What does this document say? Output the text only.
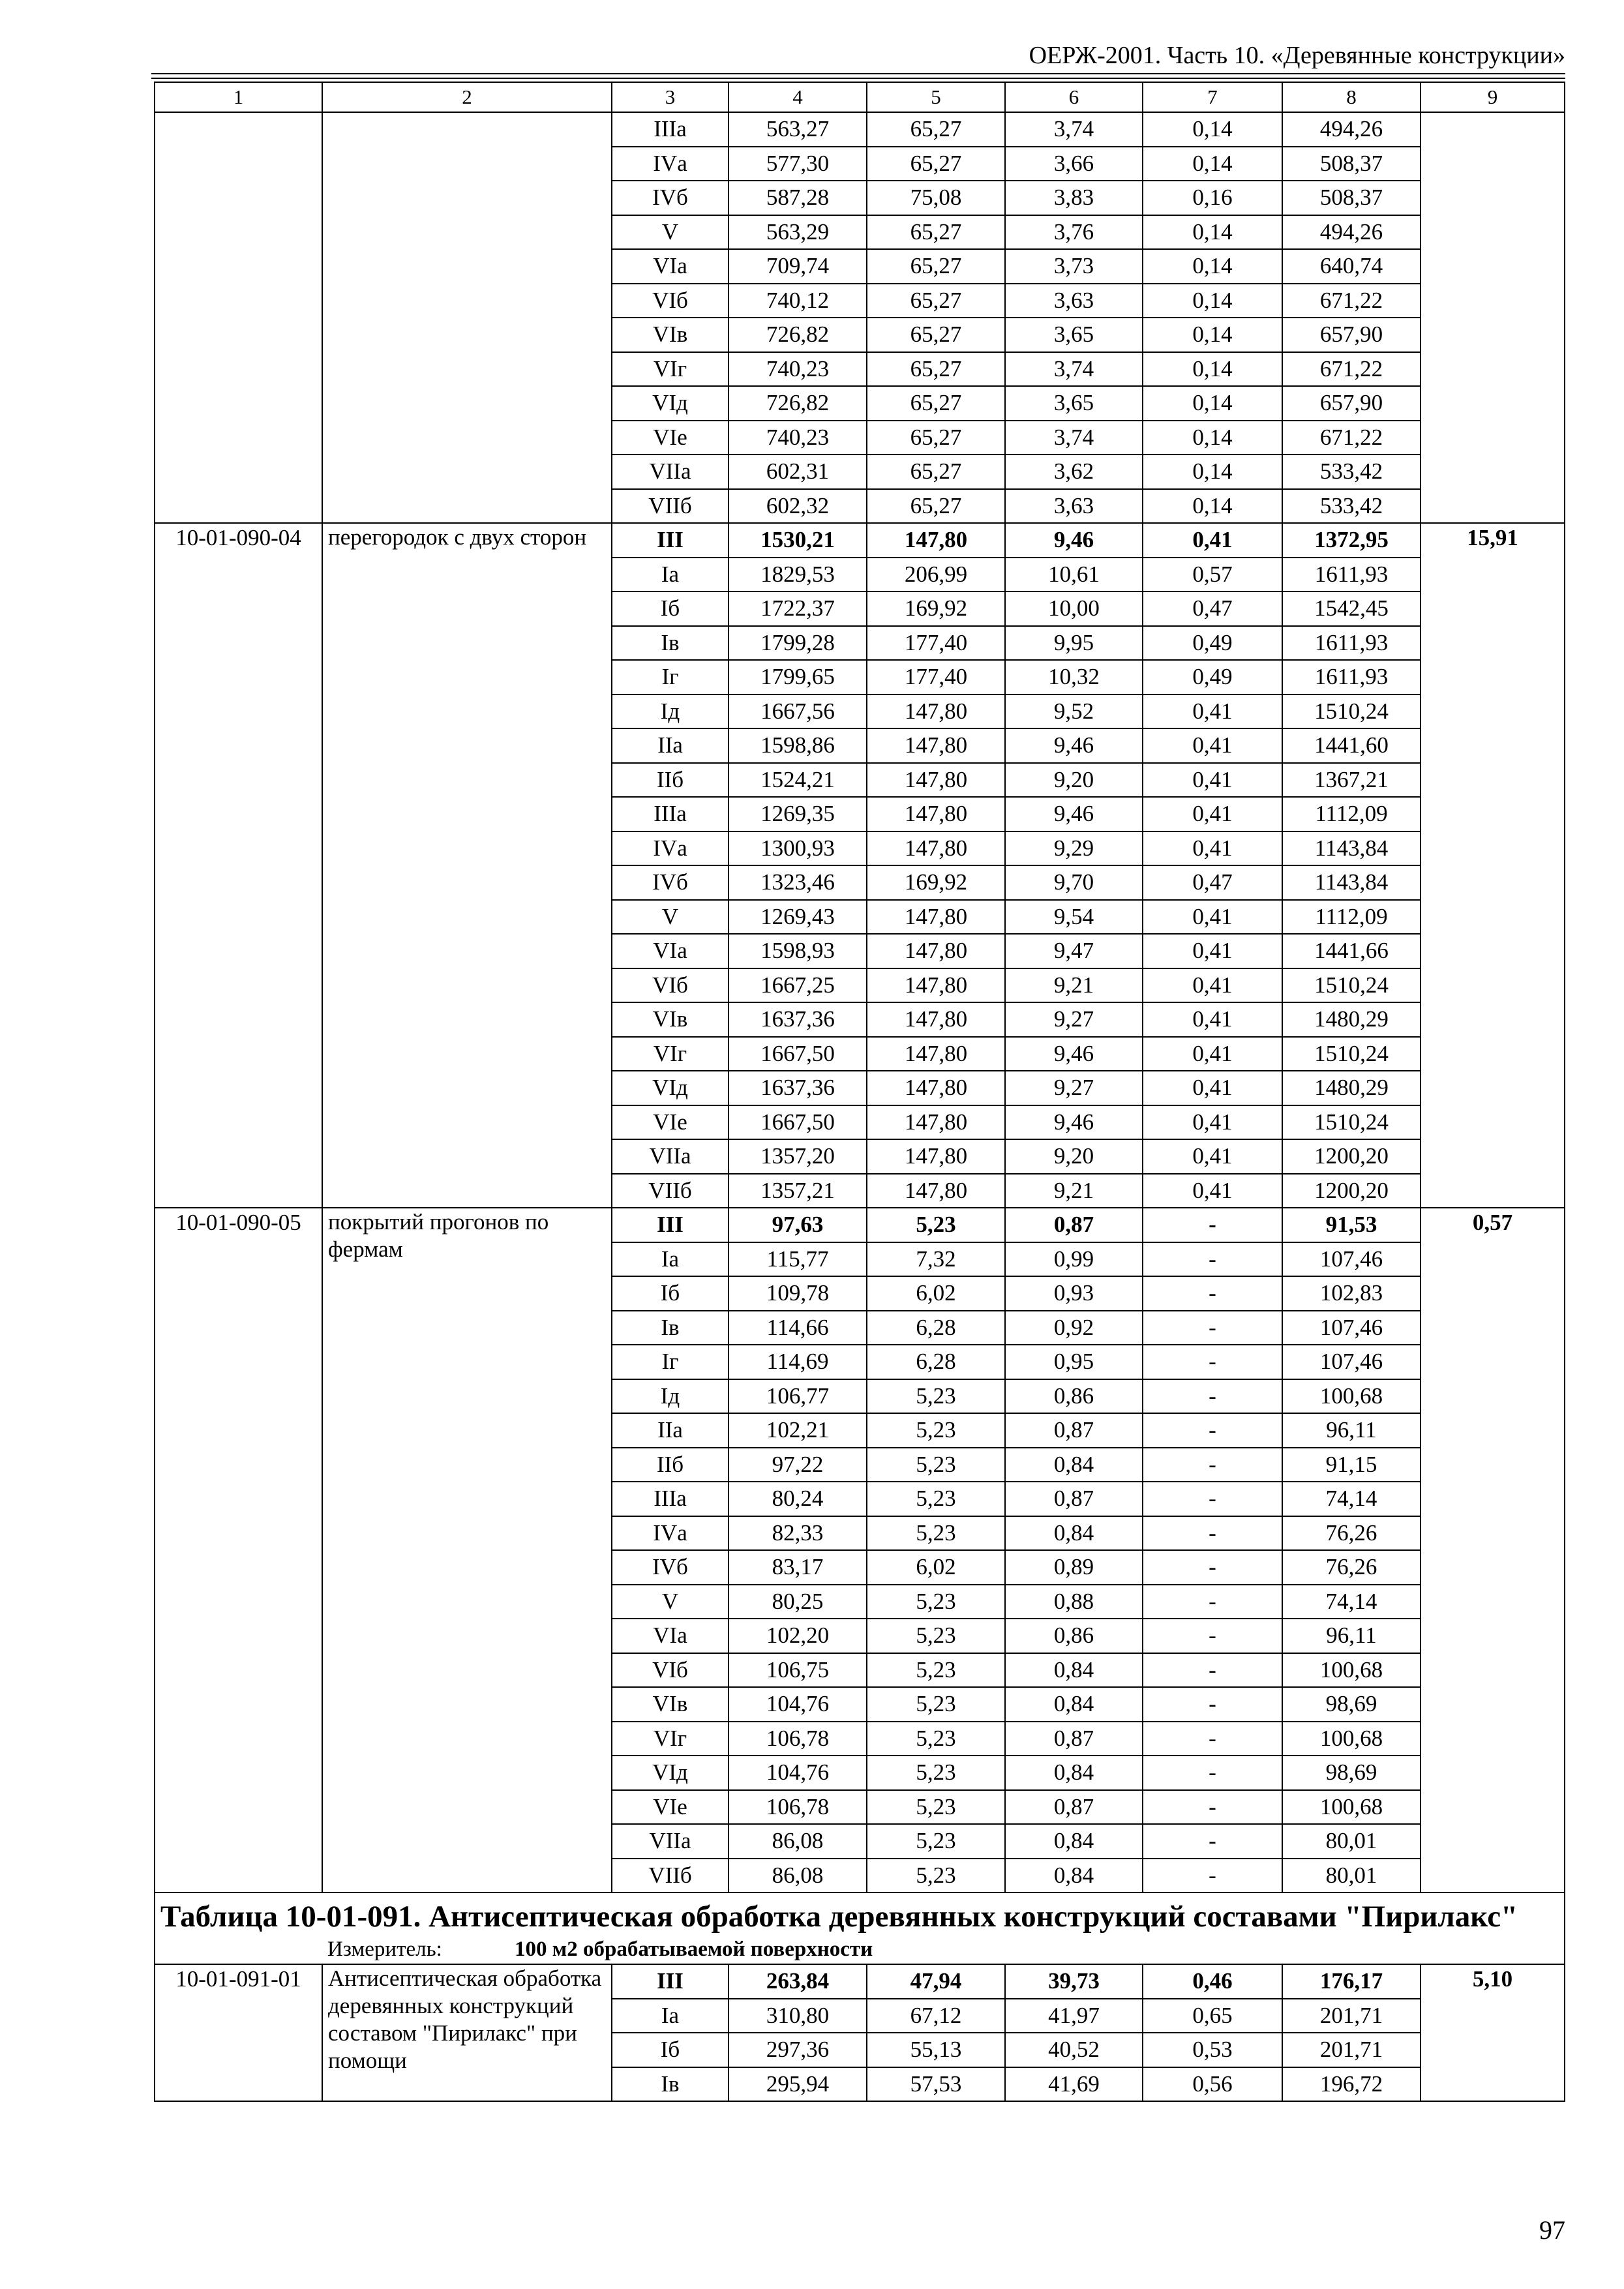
ОЕРЖ-2001. Часть 10. «Деревянные конструкции»
1	2	3	4	5	6	7	8	9
		IIIа	563,27	65,27	3,74	0,14	494,26	
		IVа	577,30	65,27	3,66	0,14	508,37	
		IVб	587,28	75,08	3,83	0,16	508,37	
		V	563,29	65,27	3,76	0,14	494,26	
		VIа	709,74	65,27	3,73	0,14	640,74	
		VIб	740,12	65,27	3,63	0,14	671,22	
		VIв	726,82	65,27	3,65	0,14	657,90	
		VIг	740,23	65,27	3,74	0,14	671,22	
		VIд	726,82	65,27	3,65	0,14	657,90	
		VIе	740,23	65,27	3,74	0,14	671,22	
		VIIа	602,31	65,27	3,62	0,14	533,42	
		VIIб	602,32	65,27	3,63	0,14	533,42	
10-01-090-04	перегородок с двух сторон	III	1530,21	147,80	9,46	0,41	1372,95	15,91
		Iа	1829,53	206,99	10,61	0,57	1611,93	
		Iб	1722,37	169,92	10,00	0,47	1542,45	
		Iв	1799,28	177,40	9,95	0,49	1611,93	
		Iг	1799,65	177,40	10,32	0,49	1611,93	
		Iд	1667,56	147,80	9,52	0,41	1510,24	
		IIа	1598,86	147,80	9,46	0,41	1441,60	
		IIб	1524,21	147,80	9,20	0,41	1367,21	
		IIIа	1269,35	147,80	9,46	0,41	1112,09	
		IVа	1300,93	147,80	9,29	0,41	1143,84	
		IVб	1323,46	169,92	9,70	0,47	1143,84	
		V	1269,43	147,80	9,54	0,41	1112,09	
		VIа	1598,93	147,80	9,47	0,41	1441,66	
		VIб	1667,25	147,80	9,21	0,41	1510,24	
		VIв	1637,36	147,80	9,27	0,41	1480,29	
		VIг	1667,50	147,80	9,46	0,41	1510,24	
		VIд	1637,36	147,80	9,27	0,41	1480,29	
		VIе	1667,50	147,80	9,46	0,41	1510,24	
		VIIа	1357,20	147,80	9,20	0,41	1200,20	
		VIIб	1357,21	147,80	9,21	0,41	1200,20	
10-01-090-05	покрытий прогонов по фермам	III	97,63	5,23	0,87	-	91,53	0,57
		Iа	115,77	7,32	0,99	-	107,46	
		Iб	109,78	6,02	0,93	-	102,83	
		Iв	114,66	6,28	0,92	-	107,46	
		Iг	114,69	6,28	0,95	-	107,46	
		Iд	106,77	5,23	0,86	-	100,68	
		IIа	102,21	5,23	0,87	-	96,11	
		IIб	97,22	5,23	0,84	-	91,15	
		IIIа	80,24	5,23	0,87	-	74,14	
		IVа	82,33	5,23	0,84	-	76,26	
		IVб	83,17	6,02	0,89	-	76,26	
		V	80,25	5,23	0,88	-	74,14	
		VIа	102,20	5,23	0,86	-	96,11	
		VIб	106,75	5,23	0,84	-	100,68	
		VIв	104,76	5,23	0,84	-	98,69	
		VIг	106,78	5,23	0,87	-	100,68	
		VIд	104,76	5,23	0,84	-	98,69	
		VIе	106,78	5,23	0,87	-	100,68	
		VIIа	86,08	5,23	0,84	-	80,01	
		VIIб	86,08	5,23	0,84	-	80,01	
Таблица 10-01-091. Антисептическая обработка деревянных конструкций составами "Пирилакс"								
Измеритель: 100 м2 обрабатываемой поверхности								
10-01-091-01	Антисептическая обработка деревянных конструкций составом "Пирилакс" при помощи	III	263,84	47,94	39,73	0,46	176,17	5,10
		Iа	310,80	67,12	41,97	0,65	201,71	
		Iб	297,36	55,13	40,52	0,53	201,71	
		Iв	295,94	57,53	41,69	0,56	196,72	
97
